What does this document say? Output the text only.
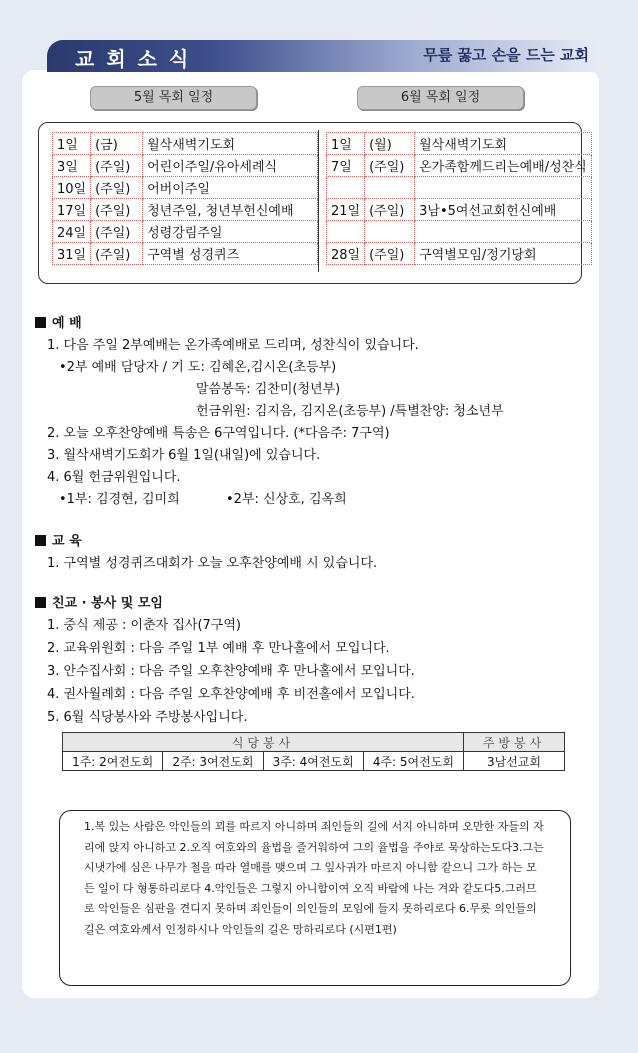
교회소식	무릎 꿇고 손을 드는 교회
5월 목회 일정	6월 목회 일정
1일	(금)	월삭새벽기도회
3일	(주일)	어린이주일/유아세례식
10일	(주일)	어버이주일
17일	(주일)	청년주일, 청년부헌신예배
24일	(주일)	성령강림주일
31일	(주일)	구역별 성경퀴즈
1일	(월)	월삭새벽기도회
7일	(주일)	온가족함께드리는예배/성찬식

21일	(주일)	3남•5여선교회헌신예배

28일	(주일)	구역별모임/정기당회
예 배
1. 다음 주일 2부예배는 온가족예배로 드리며, 성찬식이 있습니다.
•2부 예배 담당자 / 기 도: 김혜온,김시온(초등부)
말씀봉독: 김찬미(청년부)
헌금위원: 김지음, 김지온(초등부) /특별찬양: 청소년부
2. 오늘 오후찬양예배 특송은 6구역입니다. (*다음주: 7구역)
3. 월삭새벽기도회가 6월 1일(내일)에 있습니다.
4. 6월 헌금위원입니다.
•1부: 김경현, 김미희	•2부: 신상호, 김옥희
교 육
1. 구역별 성경퀴즈대회가 오늘 오후찬양예배 시 있습니다.
친교 · 봉사 및 모임
1. 중식 제공 : 이춘자 집사(7구역)
2. 교육위원회 : 다음 주일 1부 예배 후 만나홀에서 모입니다.
3. 안수집사회 : 다음 주일 오후찬양예배 후 만나홀에서 모입니다.
4. 권사월례회 : 다음 주일 오후찬양예배 후 비전홀에서 모입니다.
5. 6월 식당봉사와 주방봉사입니다.
식당봉사				주방봉사
1주: 2여전도회	2주: 3여전도회	3주: 4여전도회	4주: 5여전도회	3남선교회
1.복 있는 사람은 악인들의 꾀를 따르지 아니하며 죄인들의 길에 서지 아니하며 오만한 자들의 자리에 앉지 아니하고 2.오직 여호와의 율법을 즐거워하여 그의 율법을 주야로 묵상하는도다3.그는 시냇가에 심은 나무가 철을 따라 열매를 맺으며 그 잎사귀가 마르지 아니함 같으니 그가 하는 모든 일이 다 형통하리로다 4.악인들은 그렇지 아니함이여 오직 바람에 나는 겨와 같도다5.그러므로 악인들은 심판을 견디지 못하며 죄인들이 의인들의 모임에 들지 못하리로다 6.무릇 의인들의 길은 여호와께서 인정하시나 악인들의 길은 망하리로다 (시편1편)
